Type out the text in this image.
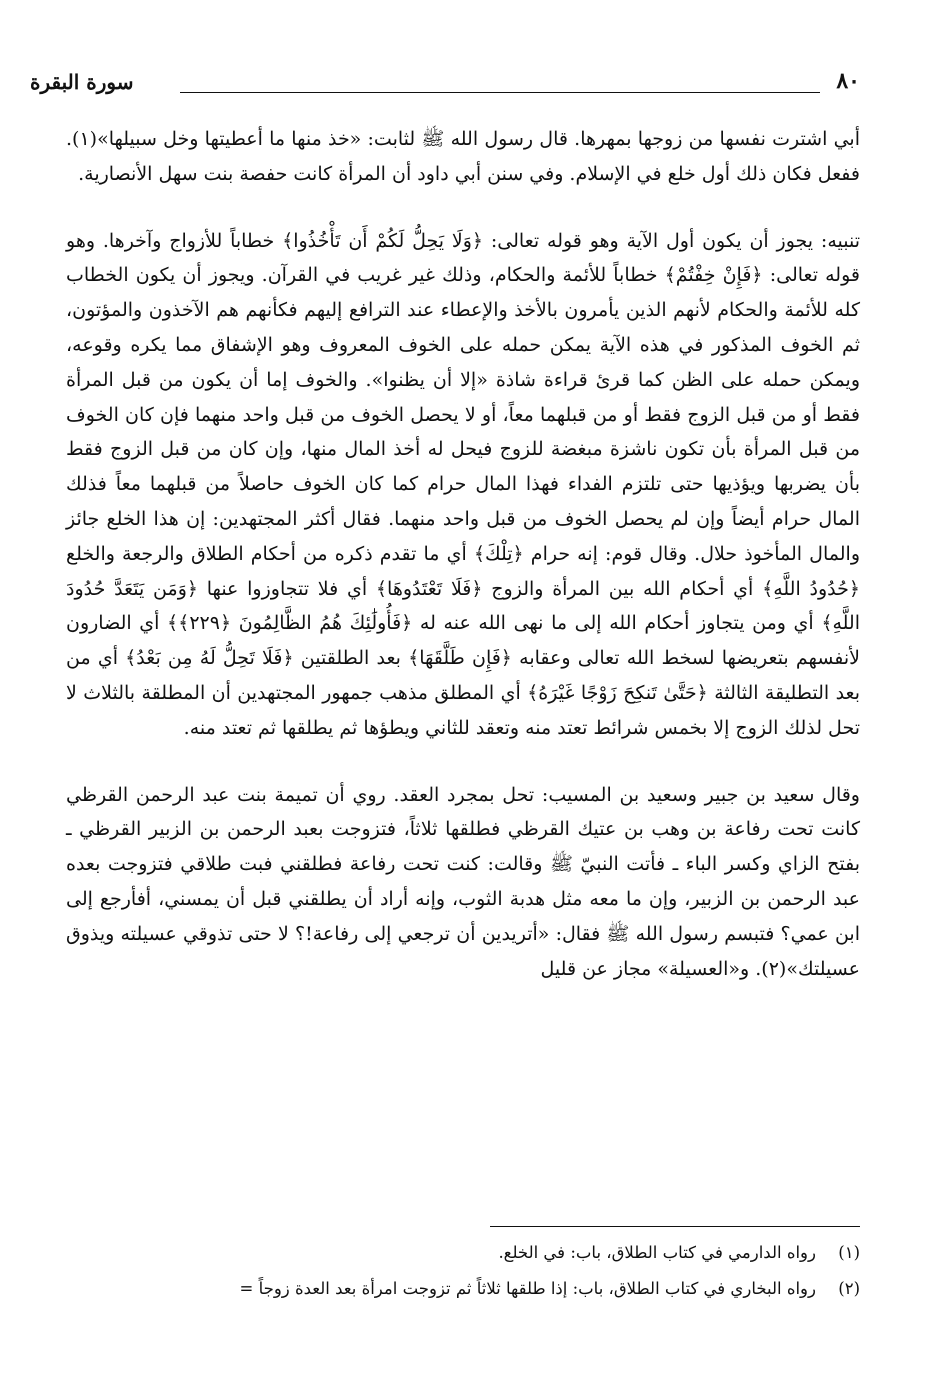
٨٠
سورة البقرة

أبي اشترت نفسها من زوجها بمهرها. قال رسول الله ﷺ لثابت: «خذ منها ما أعطيتها وخل سبيلها»(١). ففعل فكان ذلك أول خلع في الإسلام. وفي سنن أبي داود أن المرأة كانت حفصة بنت سهل الأنصارية.

تنبيه: يجوز أن يكون أول الآية وهو قوله تعالى: ﴿وَلَا يَحِلُّ لَكُمْ أَن تَأْخُذُوا﴾ خطاباً للأزواج وآخرها. وهو قوله تعالى: ﴿فَإِنْ خِفْتُمْ﴾ خطاباً للأئمة والحكام، وذلك غير غريب في القرآن. ويجوز أن يكون الخطاب كله للأئمة والحكام لأنهم الذين يأمرون بالأخذ والإعطاء عند الترافع إليهم فكأنهم هم الآخذون والمؤتون، ثم الخوف المذكور في هذه الآية يمكن حمله على الخوف المعروف وهو الإشفاق مما يكره وقوعه، ويمكن حمله على الظن كما قرئ قراءة شاذة «إلا أن يظنوا». والخوف إما أن يكون من قبل المرأة فقط أو من قبل الزوج فقط أو من قبلهما معاً، أو لا يحصل الخوف من قبل واحد منهما فإن كان الخوف من قبل المرأة بأن تكون ناشزة مبغضة للزوج فيحل له أخذ المال منها، وإن كان من قبل الزوج فقط بأن يضربها ويؤذيها حتى تلتزم الفداء فهذا المال حرام كما كان الخوف حاصلاً من قبلهما معاً فذلك المال حرام أيضاً وإن لم يحصل الخوف من قبل واحد منهما. فقال أكثر المجتهدين: إن هذا الخلع جائز والمال المأخوذ حلال. وقال قوم: إنه حرام ﴿تِلْكَ﴾ أي ما تقدم ذكره من أحكام الطلاق والرجعة والخلع ﴿حُدُودُ اللَّهِ﴾ أي أحكام الله بين المرأة والزوج ﴿فَلَا تَعْتَدُوهَا﴾ أي فلا تتجاوزوا عنها ﴿وَمَن يَتَعَدَّ حُدُودَ اللَّهِ﴾ أي ومن يتجاوز أحكام الله إلى ما نهى الله عنه له ﴿فَأُولَٰئِكَ هُمُ الظَّالِمُونَ ﴿٢٢٩﴾﴾ أي الضارون لأنفسهم بتعريضها لسخط الله تعالى وعقابه ﴿فَإِن طَلَّقَهَا﴾ بعد الطلقتين ﴿فَلَا تَحِلُّ لَهُ مِن بَعْدُ﴾ أي من بعد التطليقة الثالثة ﴿حَتَّىٰ تَنكِحَ زَوْجًا غَيْرَهُ﴾ أي المطلق مذهب جمهور المجتهدين أن المطلقة بالثلاث لا تحل لذلك الزوج إلا بخمس شرائط تعتد منه وتعقد للثاني ويطؤها ثم يطلقها ثم تعتد منه.

وقال سعيد بن جبير وسعيد بن المسيب: تحل بمجرد العقد. روي أن تميمة بنت عبد الرحمن القرظي كانت تحت رفاعة بن وهب بن عتيك القرظي فطلقها ثلاثاً، فتزوجت بعبد الرحمن بن الزبير القرظي ـ بفتح الزاي وكسر الباء ـ فأتت النبيّ ﷺ وقالت: كنت تحت رفاعة فطلقني فبت طلاقي فتزوجت بعده عبد الرحمن بن الزبير، وإن ما معه مثل هدبة الثوب، وإنه أراد أن يطلقني قبل أن يمسني، أفأرجع إلى ابن عمي؟ فتبسم رسول الله ﷺ فقال: «أتريدين أن ترجعي إلى رفاعة!؟ لا حتى تذوقي عسيلته ويذوق عسيلتك»(٢). و«العسيلة» مجاز عن قليل

(١)رواه الدارمي في كتاب الطلاق، باب: في الخلع.
(٢)رواه البخاري في كتاب الطلاق، باب: إذا طلقها ثلاثاً ثم تزوجت امرأة بعد العدة زوجاً =
